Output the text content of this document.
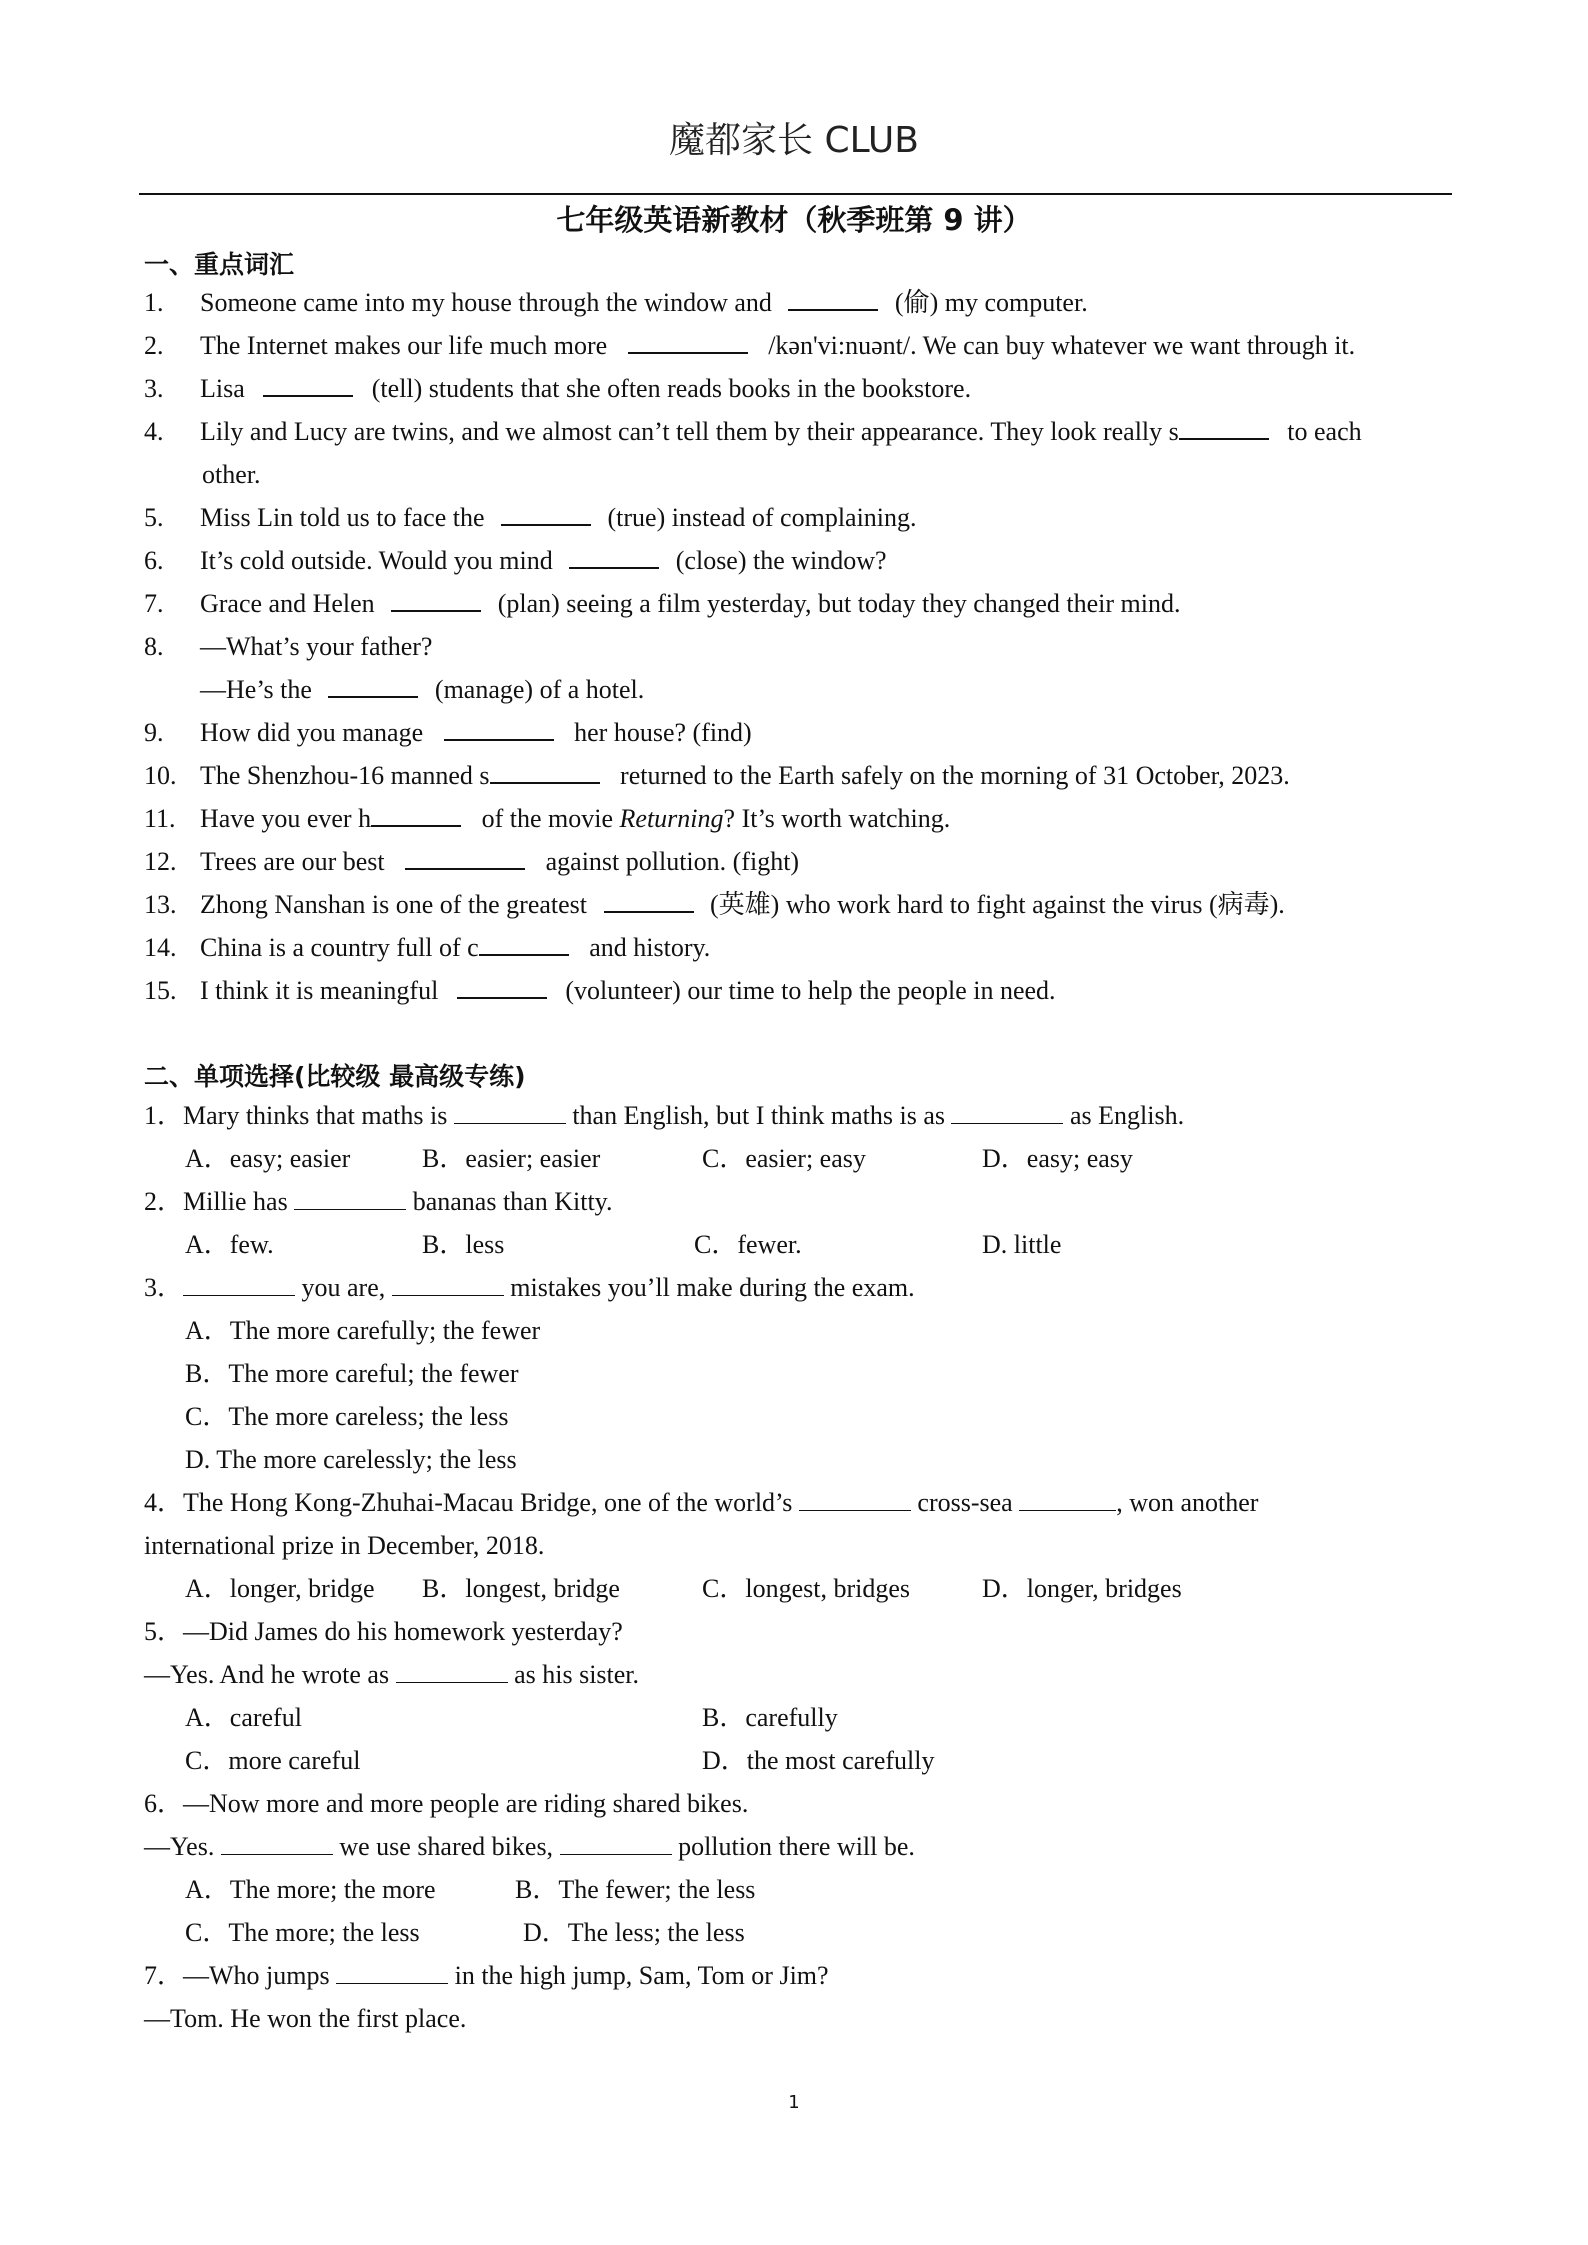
魔都家长 CLUB
七年级英语新教材（秋季班第 9 讲）
一、重点词汇
1. Someone came into my house through the window and	(偷) my computer.
2. The Internet makes our life much more	/kən'vi:nuənt/. We can buy whatever we want through it.
3. Lisa	(tell) students that she often reads books in the bookstore.
4. Lily and Lucy are twins, and we almost can’t tell them by their appearance. They look really s	to each
other.
5. Miss Lin told us to face the	(true) instead of complaining.
6. It’s cold outside. Would you mind	(close) the window?
7. Grace and Helen	(plan) seeing a film yesterday, but today they changed their mind.
8. —What’s your father?
—He’s the	(manage) of a hotel.
9. How did you manage	her house? (find)
10. The Shenzhou-16 manned s	returned to the Earth safely on the morning of 31 October, 2023.
11. Have you ever h	of the movie Returning? It’s worth watching.
12. Trees are our best	against pollution. (fight)
13. Zhong Nanshan is one of the greatest	(英雄) who work hard to fight against the virus (病毒).
14. China is a country full of c	and history.
15. I think it is meaningful	(volunteer) our time to help the people in need.
二、单项选择(比较级 最高级专练)
1．Mary thinks that maths is	than English, but I think maths is as	as English.
A．easy; easier	B．easier; easier	C．easier; easy	D．easy; easy
2．Millie has	bananas than Kitty.
A．few.	B．less	C．fewer.	D. little
3．	you are,	mistakes you’ll make during the exam.
A．The more carefully; the fewer
B．The more careful; the fewer
C．The more careless; the less
D. The more carelessly; the less
4．The Hong Kong-Zhuhai-Macau Bridge, one of the world’s	cross-sea	, won another
international prize in December, 2018.
A．longer, bridge B．longest, bridge	C．longest, bridges	D．longer, bridges
5．—Did James do his homework yesterday?
—Yes. And he wrote as	as his sister.
A．careful	B．carefully
C．more careful	D．the most carefully
6．—Now more and more people are riding shared bikes.
—Yes.	we use shared bikes,	pollution there will be.
A．The more; the more	B．The fewer; the less
C．The more; the less	D．The less; the less
7．—Who jumps	in the high jump, Sam, Tom or Jim?
—Tom. He won the first place.
1
